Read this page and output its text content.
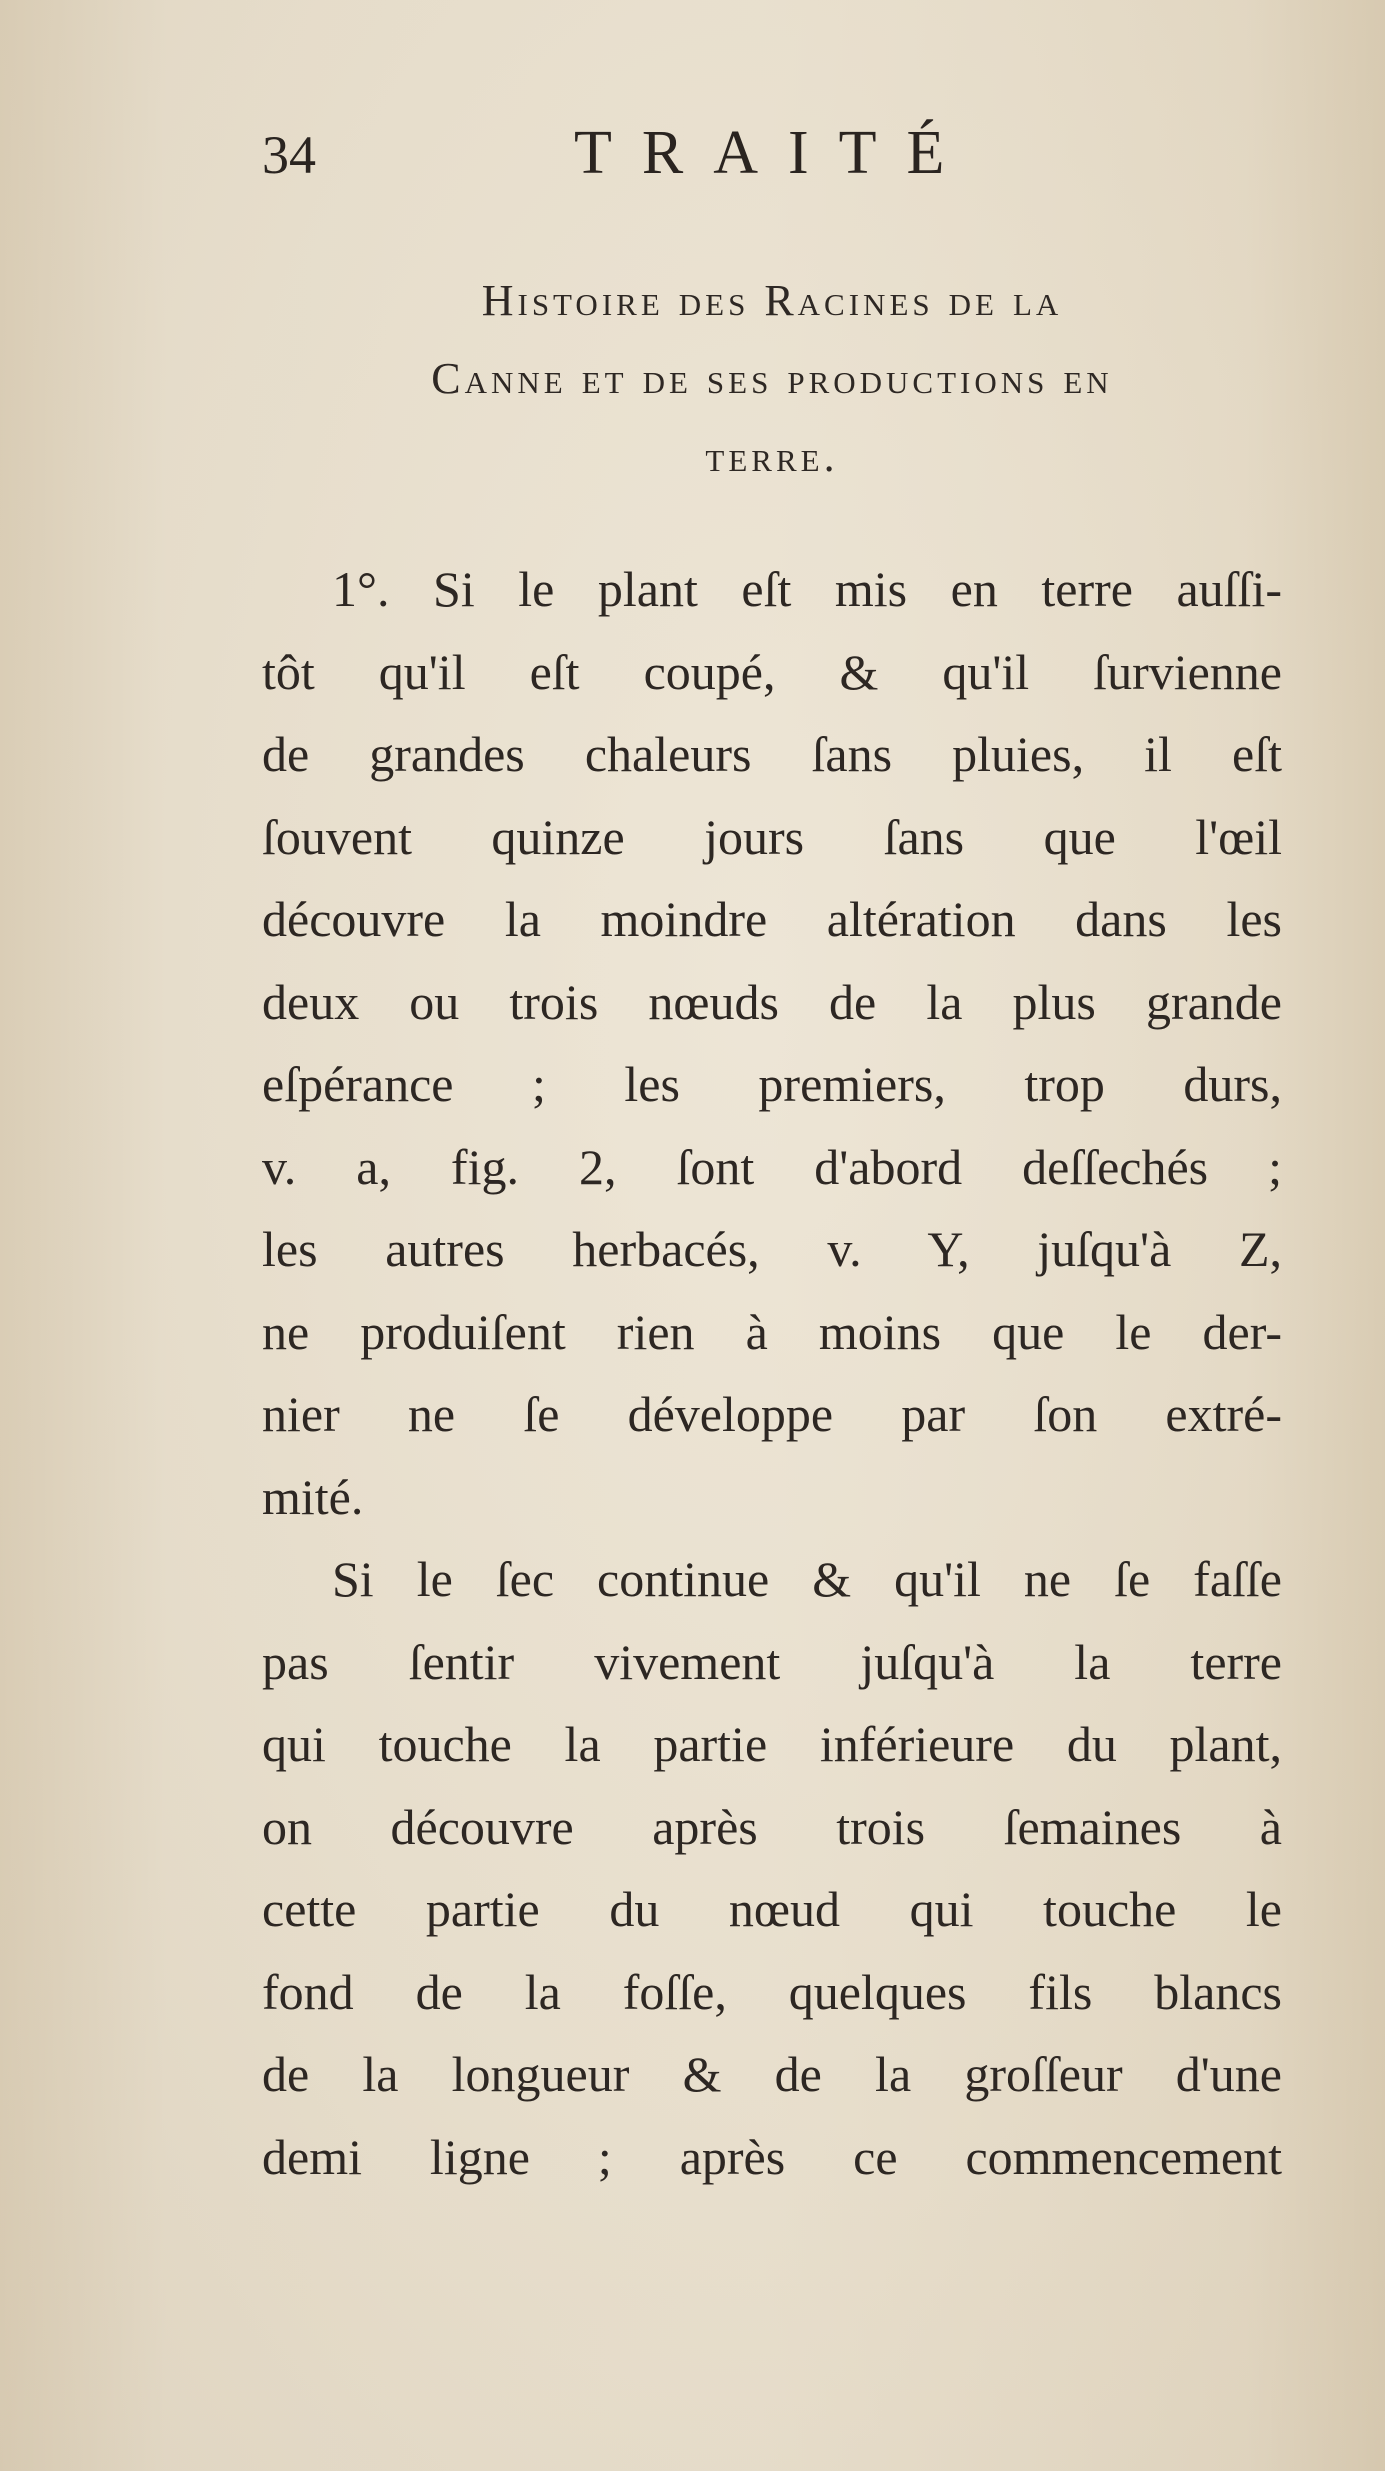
34	TRAITÉ
Histoire des Racines de la
Canne et de ses productions en
terre.
1°. Si le plant eſt mis en terre auſſi-
tôt qu'il eſt coupé, & qu'il ſurvienne
de grandes chaleurs ſans pluies, il eſt
ſouvent quinze jours ſans que l'œil
découvre la moindre altération dans les
deux ou trois nœuds de la plus grande
eſpérance ; les premiers, trop durs,
v. a, fig. 2, ſont d'abord deſſechés ;
les autres herbacés, v. Y, juſqu'à Z,
ne produiſent rien à moins que le der-
nier ne ſe développe par ſon extré-
mité.
Si le ſec continue & qu'il ne ſe faſſe
pas ſentir vivement juſqu'à la terre
qui touche la partie inférieure du plant,
on découvre après trois ſemaines à
cette partie du nœud qui touche le
fond de la foſſe, quelques fils blancs
de la longueur & de la groſſeur d'une
demi ligne ; après ce commencement
